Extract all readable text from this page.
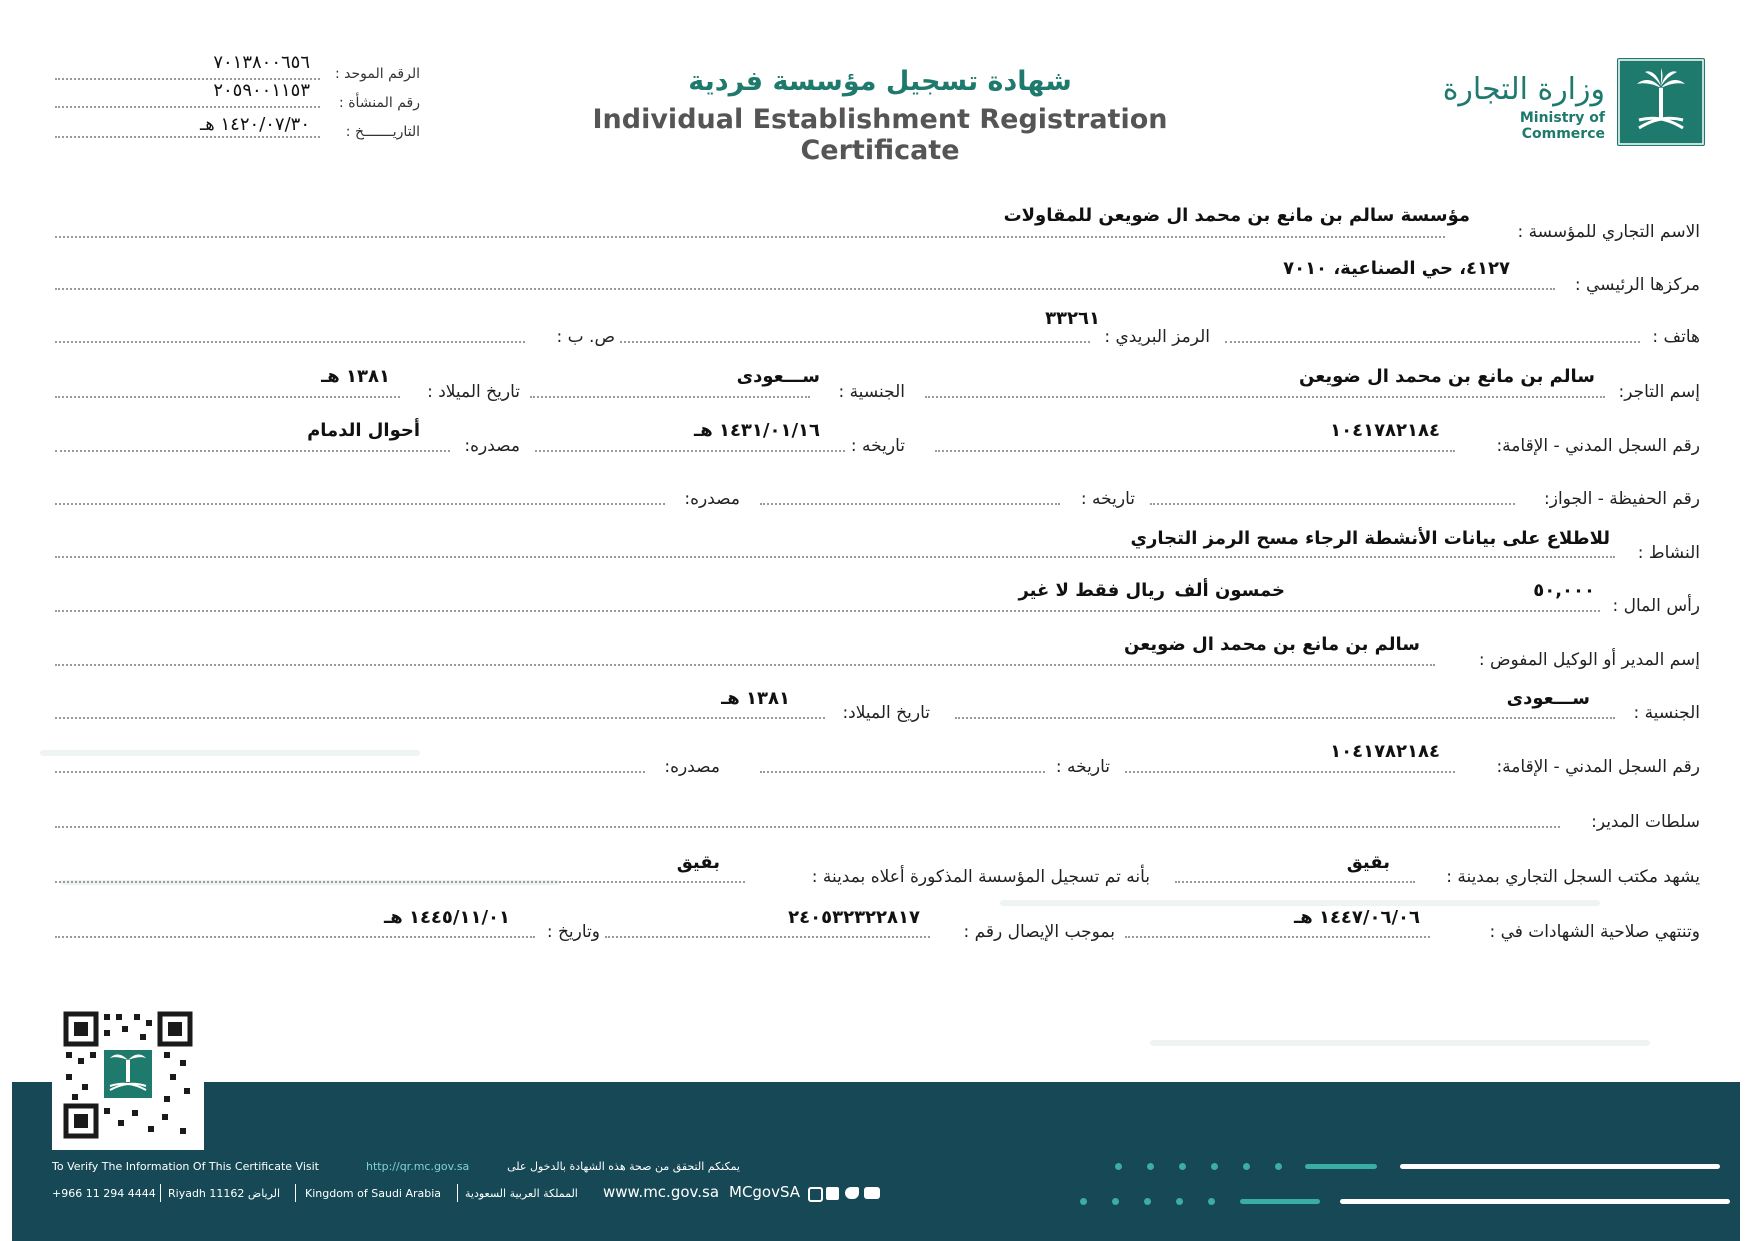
وزارة التجارة
Ministry of Commerce
شهادة تسجيل مؤسسة فردية
Individual Establishment Registration Certificate
الرقم الموحد :
٧٠١٣٨٠٠٦٥٦
رقم المنشأة :
٢٠٥٩٠٠١١٥٣
التاريـــــــخ :
١٤٢٠/٠٧/٣٠ هـ
الاسم التجاري للمؤسسة :
مؤسسة سالم بن مانع بن محمد ال ضويعن للمقاولات
مركزها الرئيسي :
٤١٢٧، حي الصناعية، ٧٠١٠
هاتف :
الرمز البريدي :
٣٣٢٦١
ص. ب :
إسم التاجر:
سالم بن مانع بن محمد ال ضويعن
الجنسية :
ســـعودى
تاريخ الميلاد :
١٣٨١ هـ
رقم السجل المدني - الإقامة:
١٠٤١٧٨٢١٨٤
تاريخه :
١٤٣١/٠١/١٦ هـ
مصدره:
أحوال الدمام
رقم الحفيظة - الجواز:
تاريخه :
مصدره:
النشاط :
للاطلاع على بيانات الأنشطة الرجاء مسح الرمز التجاري
رأس المال :
٥٠,٠٠٠
خمسون ألف
ريال فقط لا غير
إسم المدير أو الوكيل المفوض :
سالم بن مانع بن محمد ال ضويعن
الجنسية :
ســـعودى
تاريخ الميلاد:
١٣٨١ هـ
رقم السجل المدني - الإقامة:
١٠٤١٧٨٢١٨٤
تاريخه :
مصدره:
سلطات المدير:
يشهد مكتب السجل التجاري بمدينة :
بقيق
بأنه تم تسجيل المؤسسة المذكورة أعلاه بمدينة :
بقيق
وتنتهي صلاحية الشهادات في :
١٤٤٧/٠٦/٠٦ هـ
بموجب الإيصال رقم :
٢٤٠٥٣٢٣٢٢٨١٧
وتاريخ :
١٤٤٥/١١/٠١ هـ
To Verify The Information Of This Certificate Visit	http://qr.mc.gov.sa	يمكنكم التحقق من صحة هذه الشهادة بالدخول على
+966 11 294 4444 Riyadh 11162 الرياض Kingdom of Saudi Arabia المملكة العربية السعودية www.mc.gov.sa MCgovSA
